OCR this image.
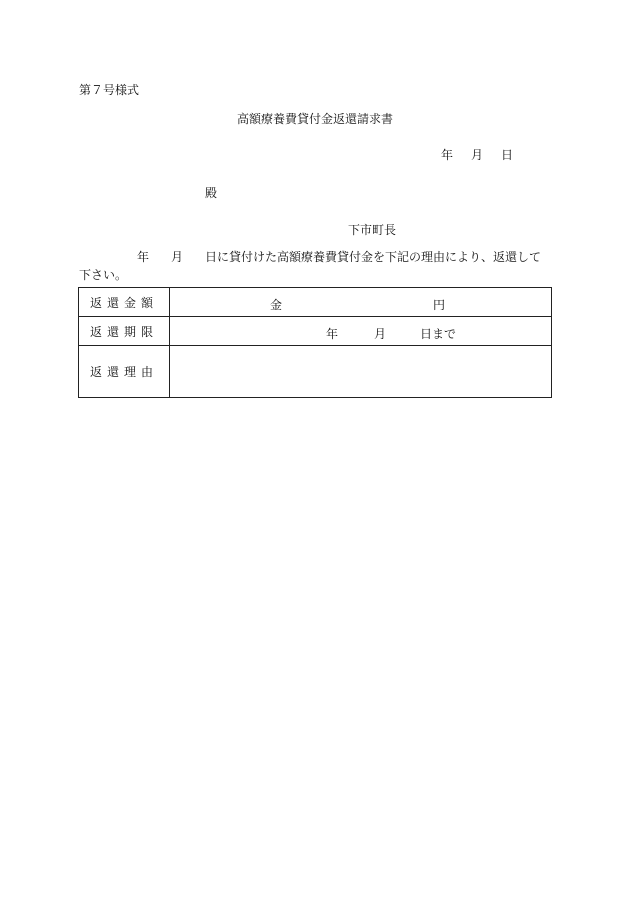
第７号様式
高額療養費貸付金返還請求書
年 月 日
殿
下市町長
年 月 日に貸付けた高額療養費貸付金を下記の理由により、返還して下さい。
返還金額	金 円

返還期限	年 月 日まで

返還理由	
